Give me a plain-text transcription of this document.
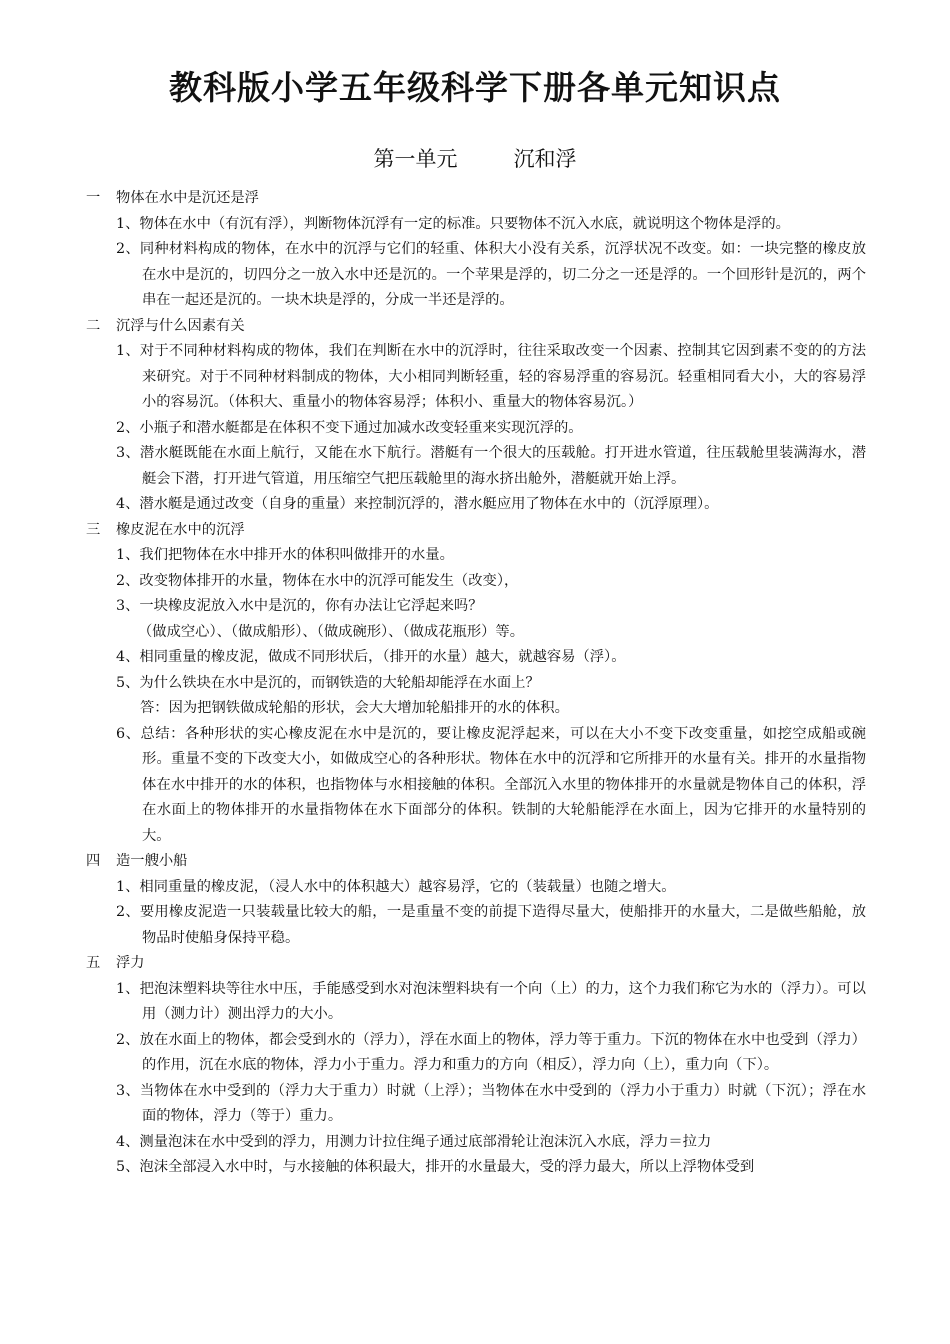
教科版小学五年级科学下册各单元知识点
第一单元	沉和浮

一 物体在水中是沉还是浮

1、物体在水中（有沉有浮），判断物体沉浮有一定的标准。只要物体不沉入水底，就说明这个物体是浮的。

2、同种材料构成的物体，在水中的沉浮与它们的轻重、体积大小没有关系，沉浮状况不改变。如：一块完整的橡皮放在水中是沉的，切四分之一放入水中还是沉的。一个苹果是浮的，切二分之一还是浮的。一个回形针是沉的，两个串在一起还是沉的。一块木块是浮的，分成一半还是浮的。

二 沉浮与什么因素有关

1、对于不同种材料构成的物体，我们在判断在水中的沉浮时，往往采取改变一个因素、控制其它因到素不变的的方法来研究。对于不同种材料制成的物体，大小相同判断轻重，轻的容易浮重的容易沉。轻重相同看大小，大的容易浮小的容易沉。（体积大、重量小的物体容易浮；体积小、重量大的物体容易沉。）

2、小瓶子和潜水艇都是在体积不变下通过加减水改变轻重来实现沉浮的。

3、潜水艇既能在水面上航行，又能在水下航行。潜艇有一个很大的压载舱。打开进水管道，往压载舱里装满海水，潜艇会下潜，打开进气管道，用压缩空气把压载舱里的海水挤出舱外，潜艇就开始上浮。

4、潜水艇是通过改变（自身的重量）来控制沉浮的，潜水艇应用了物体在水中的（沉浮原理）。

三 橡皮泥在水中的沉浮

1、我们把物体在水中排开水的体积叫做排开的水量。

2、改变物体排开的水量，物体在水中的沉浮可能发生（改变），

3、一块橡皮泥放入水中是沉的，你有办法让它浮起来吗？

（做成空心）、（做成船形）、（做成碗形）、（做成花瓶形）等。

4、相同重量的橡皮泥，做成不同形状后，（排开的水量）越大，就越容易（浮）。

5、为什么铁块在水中是沉的，而钢铁造的大轮船却能浮在水面上？

答：因为把钢铁做成轮船的形状，会大大增加轮船排开的水的体积。

6、总结：各种形状的实心橡皮泥在水中是沉的，要让橡皮泥浮起来，可以在大小不变下改变重量，如挖空成船或碗形。重量不变的下改变大小，如做成空心的各种形状。物体在水中的沉浮和它所排开的水量有关。排开的水量指物体在水中排开的水的体积，也指物体与水相接触的体积。全部沉入水里的物体排开的水量就是物体自己的体积，浮在水面上的物体排开的水量指物体在水下面部分的体积。铁制的大轮船能浮在水面上，因为它排开的水量特别的大。

四 造一艘小船

1、相同重量的橡皮泥，（浸人水中的体积越大）越容易浮，它的（装载量）也随之增大。

2、要用橡皮泥造一只装载量比较大的船，一是重量不变的前提下造得尽量大，使船排开的水量大，二是做些船舱，放物品时使船身保持平稳。

五 浮力

1、把泡沫塑料块等往水中压，手能感受到水对泡沫塑料块有一个向（上）的力，这个力我们称它为水的（浮力）。可以用（测力计）测出浮力的大小。

2、放在水面上的物体，都会受到水的（浮力），浮在水面上的物体，浮力等于重力。下沉的物体在水中也受到（浮力）的作用，沉在水底的物体，浮力小于重力。浮力和重力的方向（相反），浮力向（上），重力向（下）。

3、当物体在水中受到的（浮力大于重力）时就（上浮）；当物体在水中受到的（浮力小于重力）时就（下沉）；浮在水面的物体，浮力（等于）重力。

4、测量泡沫在水中受到的浮力，用测力计拉住绳子通过底部滑轮让泡沫沉入水底，浮力＝拉力

5、泡沫全部浸入水中时，与水接触的体积最大，排开的水量最大，受的浮力最大，所以上浮物体受到
